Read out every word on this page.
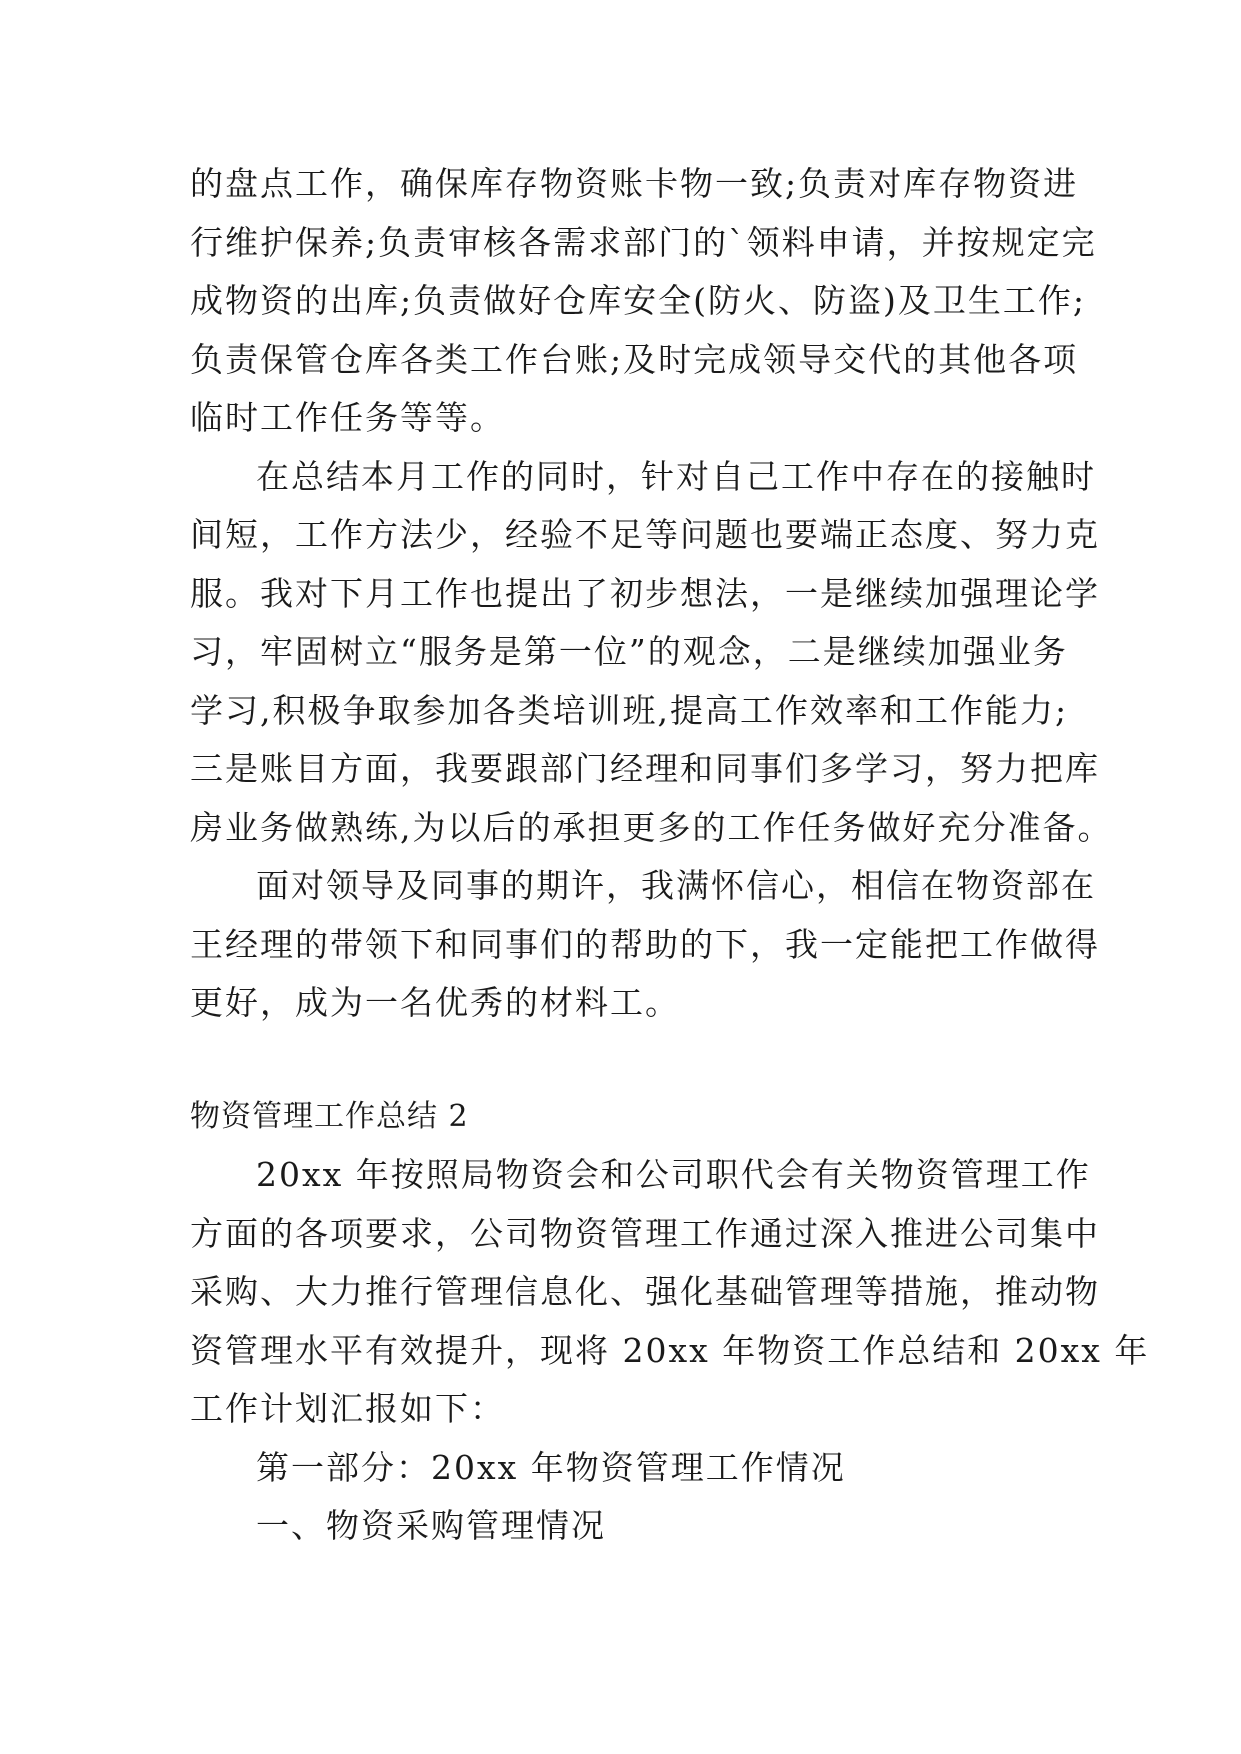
的盘点工作，确保库存物资账卡物一致;负责对库存物资进
行维护保养;负责审核各需求部门的`领料申请，并按规定完
成物资的出库;负责做好仓库安全(防火、防盗)及卫生工作;
负责保管仓库各类工作台账;及时完成领导交代的其他各项
临时工作任务等等。
在总结本月工作的同时，针对自己工作中存在的接触时
间短，工作方法少，经验不足等问题也要端正态度、努力克
服。我对下月工作也提出了初步想法，一是继续加强理论学
习，牢固树立“服务是第一位”的观念，二是继续加强业务
学习,积极争取参加各类培训班,提高工作效率和工作能力;
三是账目方面，我要跟部门经理和同事们多学习，努力把库
房业务做熟练,为以后的承担更多的工作任务做好充分准备。
面对领导及同事的期许，我满怀信心，相信在物资部在
王经理的带领下和同事们的帮助的下，我一定能把工作做得
更好，成为一名优秀的材料工。
物资管理工作总结 2
20xx 年按照局物资会和公司职代会有关物资管理工作
方面的各项要求，公司物资管理工作通过深入推进公司集中
采购、大力推行管理信息化、强化基础管理等措施，推动物
资管理水平有效提升，现将 20xx 年物资工作总结和 20xx 年
工作计划汇报如下：
第一部分：20xx 年物资管理工作情况
一、物资采购管理情况
